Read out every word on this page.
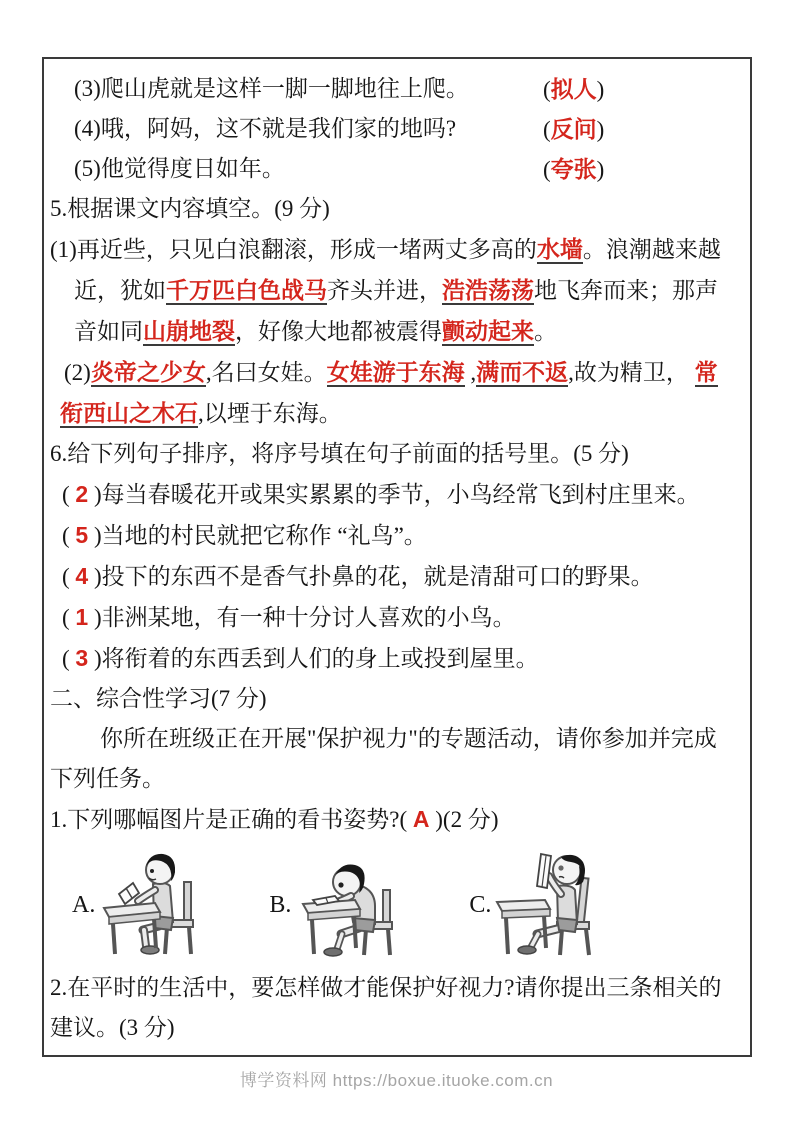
(3)爬山虎就是这样一脚一脚地往上爬。	(拟人)
(4)哦，阿妈，这不就是我们家的地吗?	(反问)
(5)他觉得度日如年。	(夸张)
5.根据课文内容填空。(9 分)
(1)再近些，只见白浪翻滚，形成一堵两丈多高的水墙。浪潮越来越
近，犹如千万匹白色战马齐头并进，浩浩荡荡地飞奔而来；那声
音如同山崩地裂，好像大地都被震得颤动起来。
(2)炎帝之少女,名曰女娃。女娃游于东海 ,满而不返,故为精卫， 常
衔西山之木石,以堙于东海。
6.给下列句子排序，将序号填在句子前面的括号里。(5 分)
( 2 )每当春暖花开或果实累累的季节，小鸟经常飞到村庄里来。
( 5 )当地的村民就把它称作 “礼鸟”。
( 4 )投下的东西不是香气扑鼻的花，就是清甜可口的野果。
( 1 )非洲某地，有一种十分讨人喜欢的小鸟。
( 3 )将衔着的东西丢到人们的身上或投到屋里。
二、综合性学习(7 分)
你所在班级正在开展"保护视力"的专题活动，请你参加并完成
下列任务。
1.下列哪幅图片是正确的看书姿势?( A )(2 分)
A.	B.	C.
2.在平时的生活中，要怎样做才能保护好视力?请你提出三条相关的
建议。(3 分)
博学资料网 https://boxue.ituoke.com.cn
